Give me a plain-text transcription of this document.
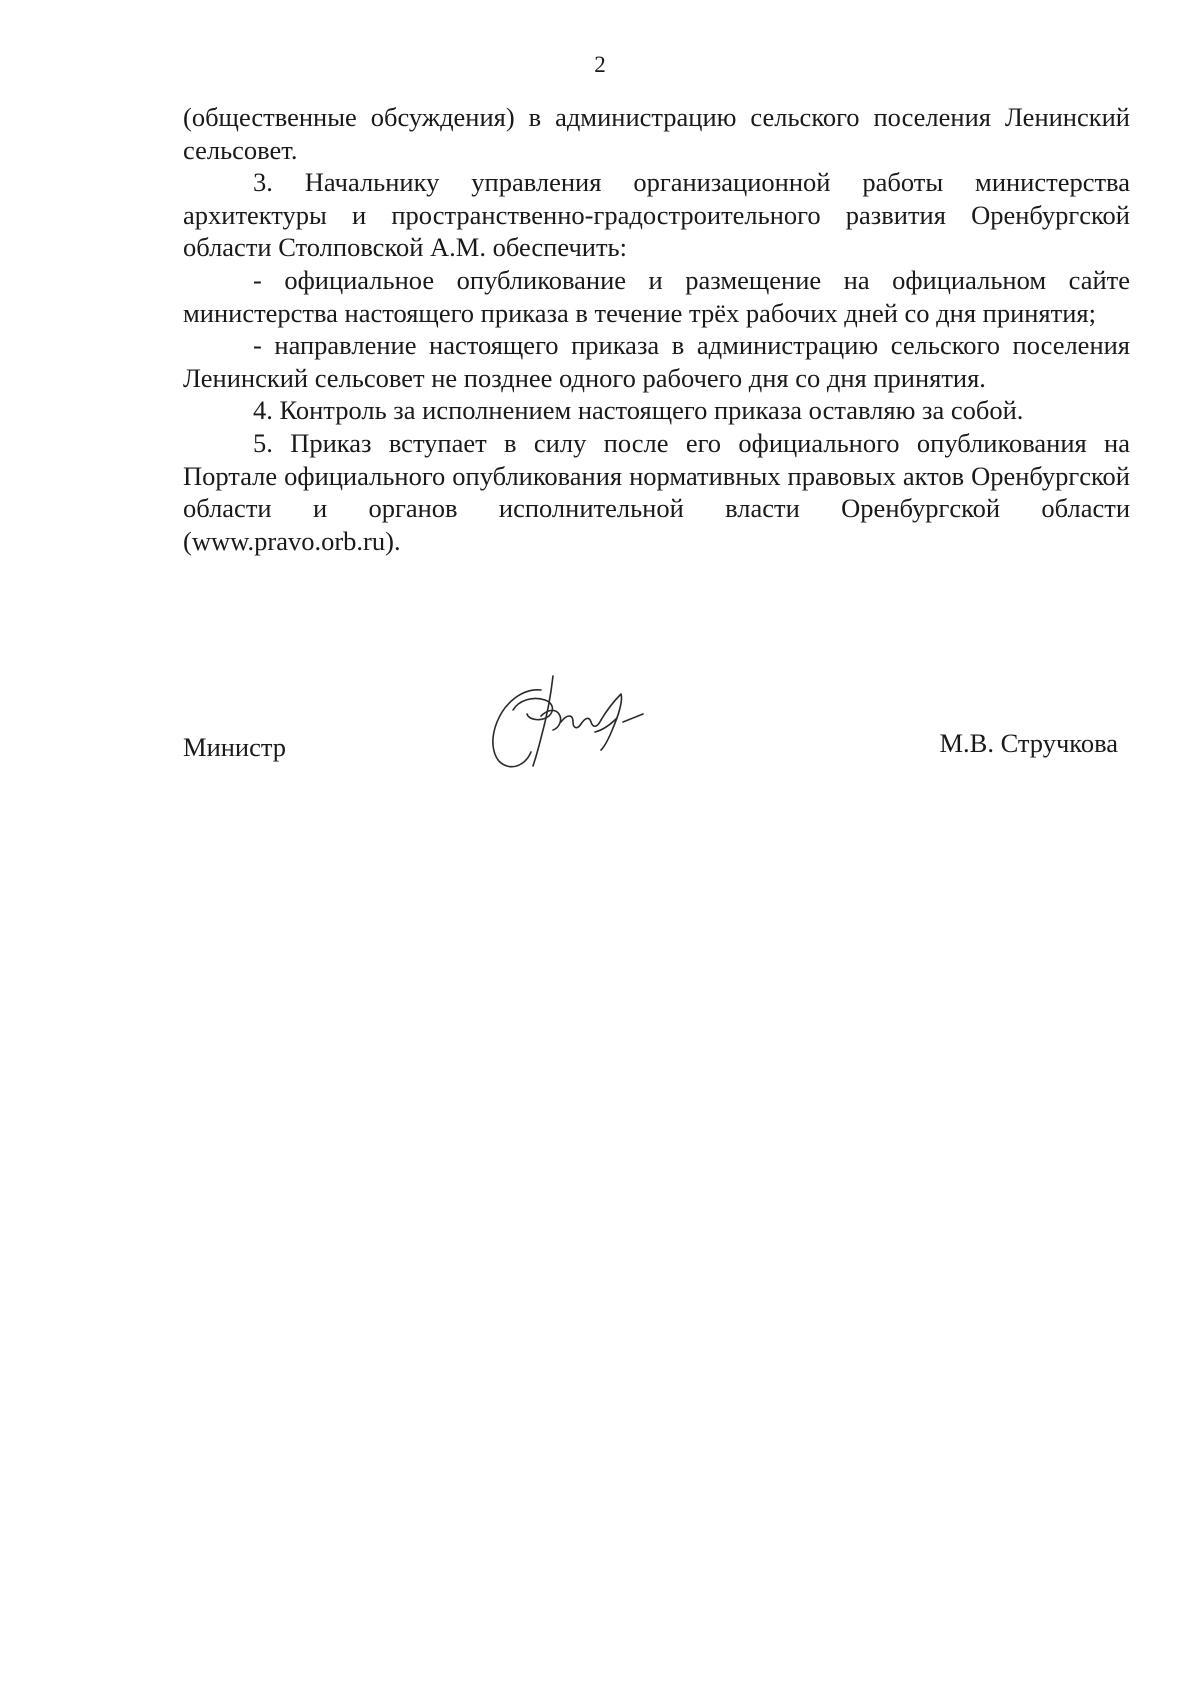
2

(общественные обсуждения) в администрацию сельского поселения Ленинский сельсовет.

3. Начальнику управления организационной работы министерства архитектуры и пространственно-градостроительного развития Оренбургской области Столповской А.М. обеспечить:

- официальное опубликование и размещение на официальном сайте министерства настоящего приказа в течение трёх рабочих дней со дня принятия;

- направление настоящего приказа в администрацию сельского поселения Ленинский сельсовет не позднее одного рабочего дня со дня принятия.

4. Контроль за исполнением настоящего приказа оставляю за собой.

5. Приказ вступает в силу после его официального опубликования на Портале официального опубликования нормативных правовых актов Оренбургской области и органов исполнительной власти Оренбургской области (www.pravo.orb.ru).

Министр	М.В. Стручкова
